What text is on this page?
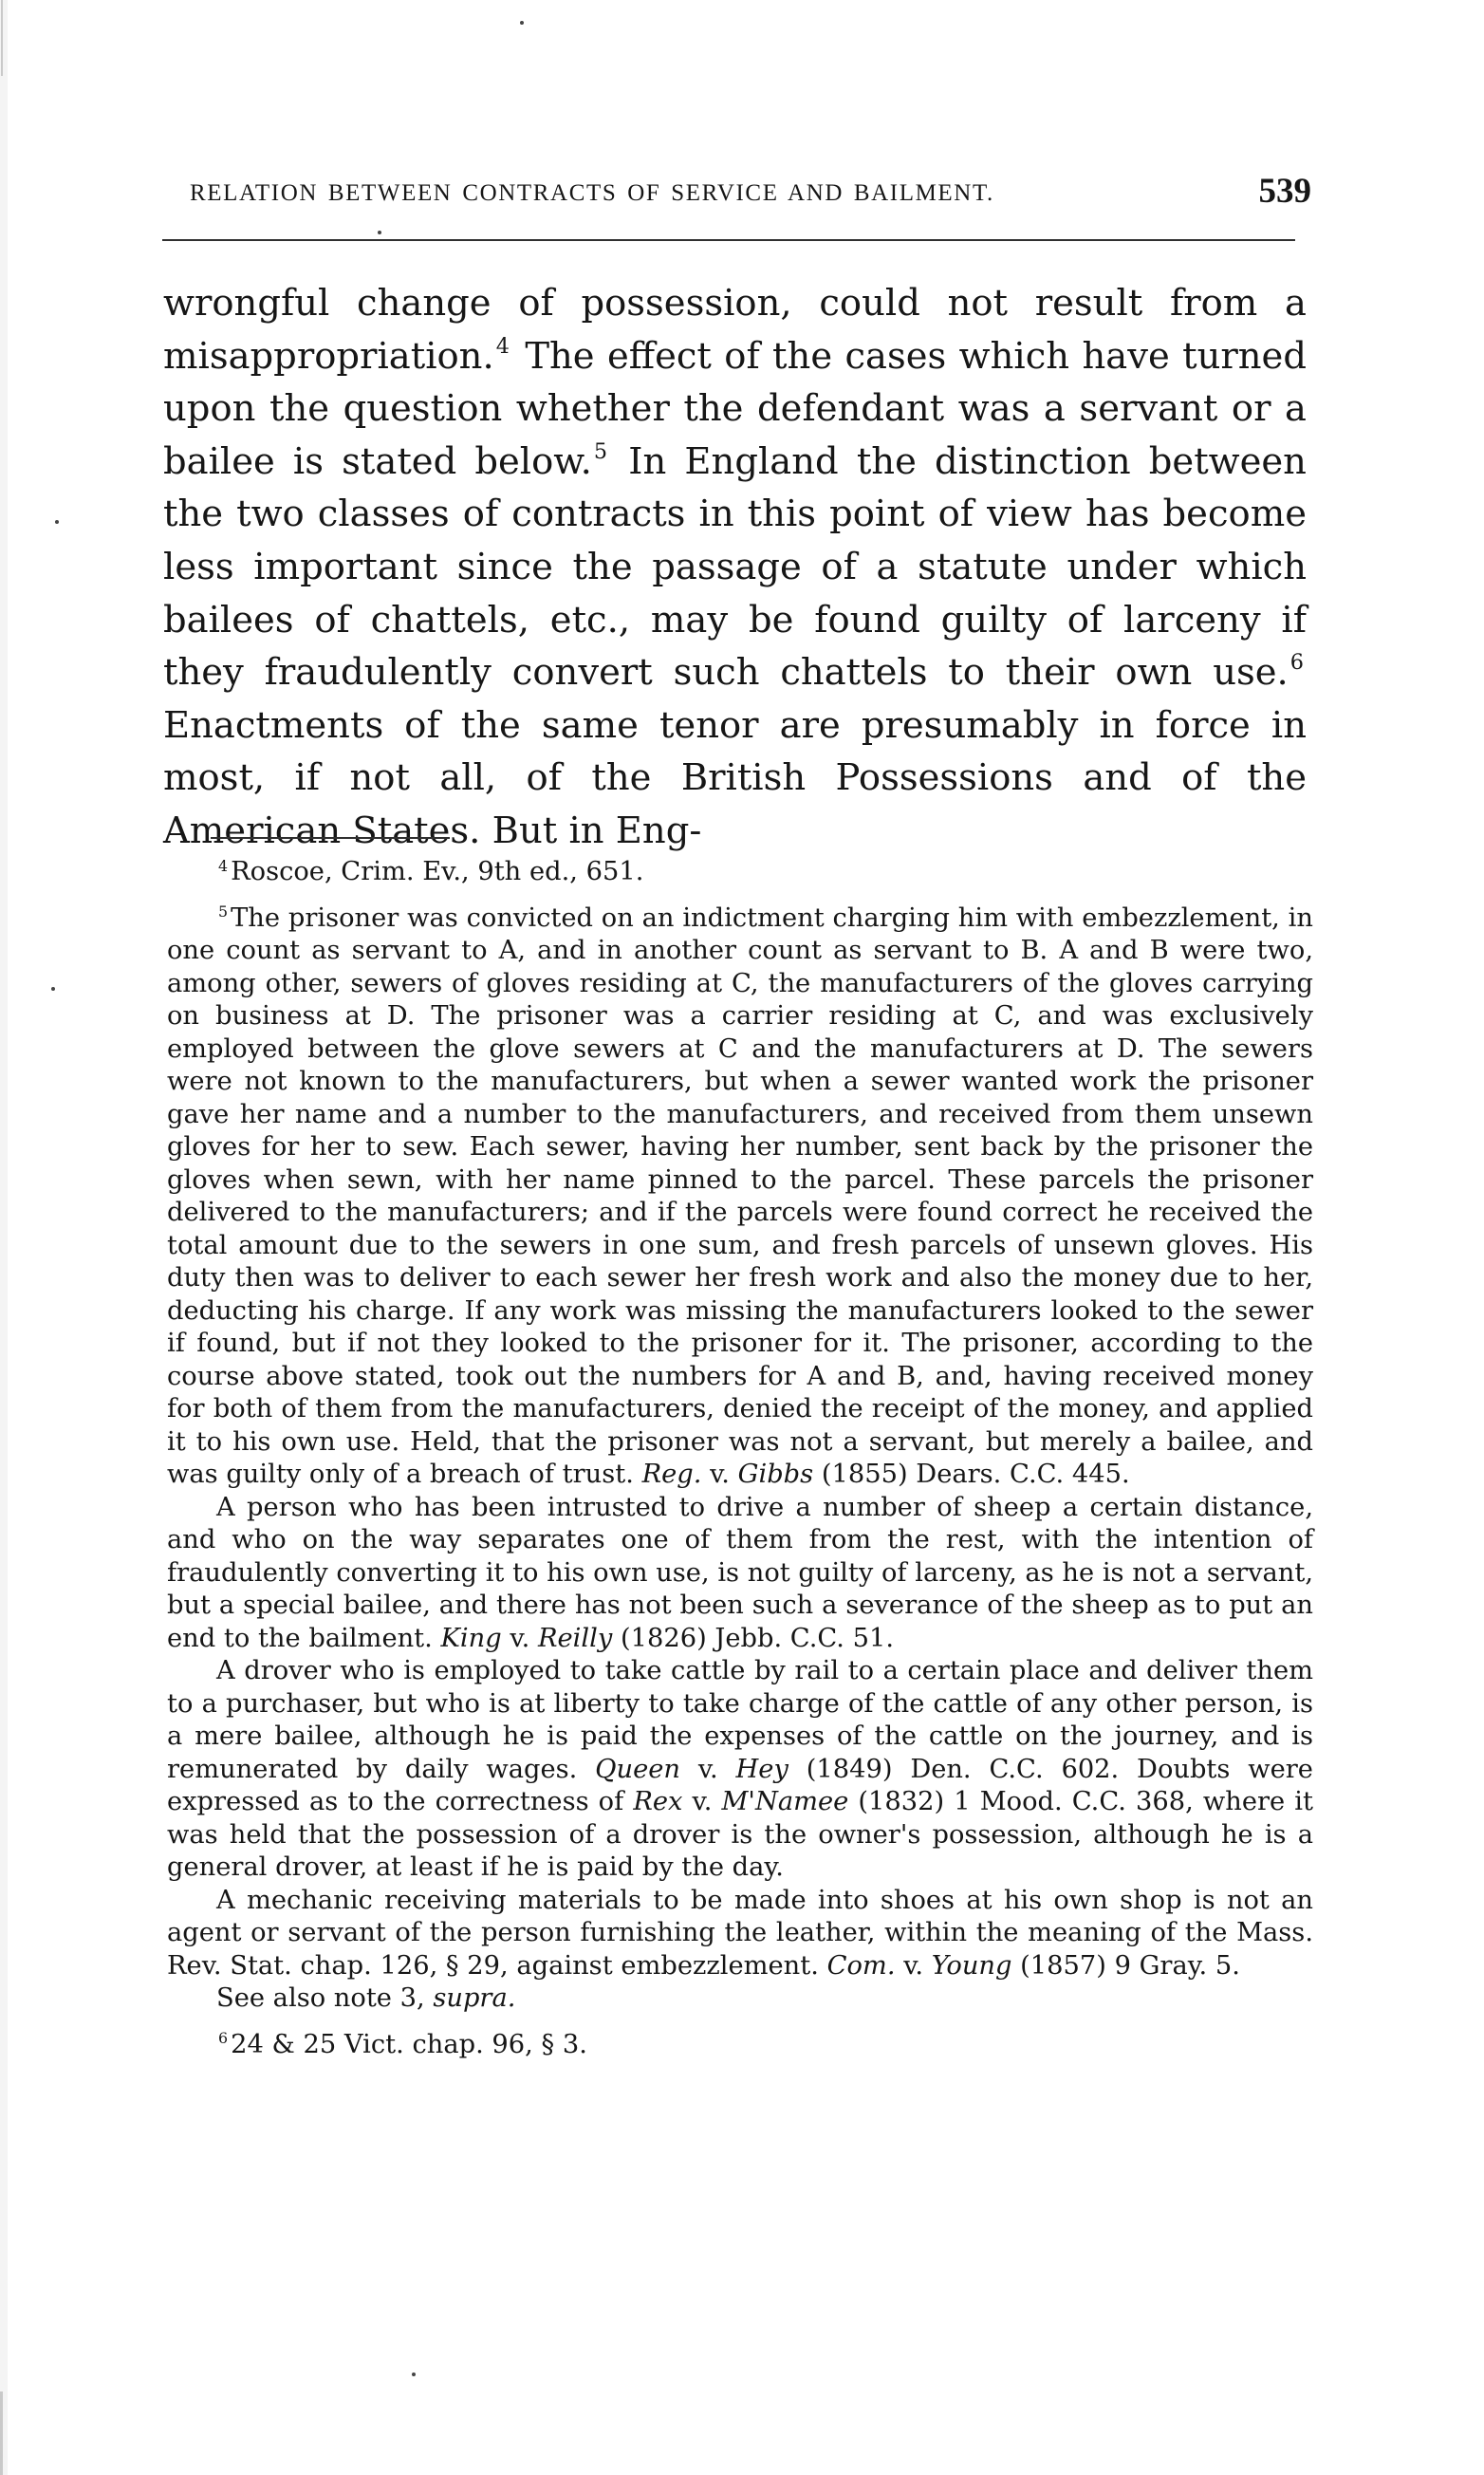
RELATION BETWEEN CONTRACTS OF SERVICE AND BAILMENT.	539

wrongful change of possession, could not result from a misappropriation.$^4$ The effect of the cases which have turned upon the question whether the defendant was a servant or a bailee is stated below.$^5$ In England the distinction between the two classes of contracts in this point of view has become less important since the passage of a statute under which bailees of chattels, etc., may be found guilty of larceny if they fraudulently convert such chattels to their own use.$^6$ Enactments of the same tenor are presumably in force in most, if not all, of the British Possessions and of the American States. But in Eng-

$^4$ Roscoe, Crim. Ev., 9th ed., 651.

$^5$ The prisoner was convicted on an indictment charging him with embezzlement, in one count as servant to A, and in another count as servant to B. A and B were two, among other, sewers of gloves residing at C, the manufacturers of the gloves carrying on business at D. The prisoner was a carrier residing at C, and was exclusively employed between the glove sewers at C and the manufacturers at D. The sewers were not known to the manufacturers, but when a sewer wanted work the prisoner gave her name and a number to the manufacturers, and received from them unsewn gloves for her to sew. Each sewer, having her number, sent back by the prisoner the gloves when sewn, with her name pinned to the parcel. These parcels the prisoner delivered to the manufacturers; and if the parcels were found correct he received the total amount due to the sewers in one sum, and fresh parcels of unsewn gloves. His duty then was to deliver to each sewer her fresh work and also the money due to her, deducting his charge. If any work was missing the manufacturers looked to the sewer if found, but if not they looked to the prisoner for it. The prisoner, according to the course above stated, took out the numbers for A and B, and, having received money for both of them from the manufacturers, denied the receipt of the money, and applied it to his own use. Held, that the prisoner was not a servant, but merely a bailee, and was guilty only of a breach of trust. Reg. v. Gibbs (1855) Dears. C.C. 445.

A person who has been intrusted to drive a number of sheep a certain distance, and who on the way separates one of them from the rest, with the intention of fraudulently converting it to his own use, is not guilty of larceny, as he is not a servant, but a special bailee, and there has not been such a severance of the sheep as to put an end to the bailment. King v. Reilly (1826) Jebb. C.C. 51.

A drover who is employed to take cattle by rail to a certain place and deliver them to a purchaser, but who is at liberty to take charge of the cattle of any other person, is a mere bailee, although he is paid the expenses of the cattle on the journey, and is remunerated by daily wages. Queen v. Hey (1849) Den. C.C. 602. Doubts were expressed as to the correctness of Rex v. M'Namee (1832) 1 Mood. C.C. 368, where it was held that the possession of a drover is the owner's possession, although he is a general drover, at least if he is paid by the day.

A mechanic receiving materials to be made into shoes at his own shop is not an agent or servant of the person furnishing the leather, within the meaning of the Mass. Rev. Stat. chap. 126, § 29, against embezzlement. Com. v. Young (1857) 9 Gray. 5.

See also note 3, supra.

$^6$ 24 & 25 Vict. chap. 96, § 3.
